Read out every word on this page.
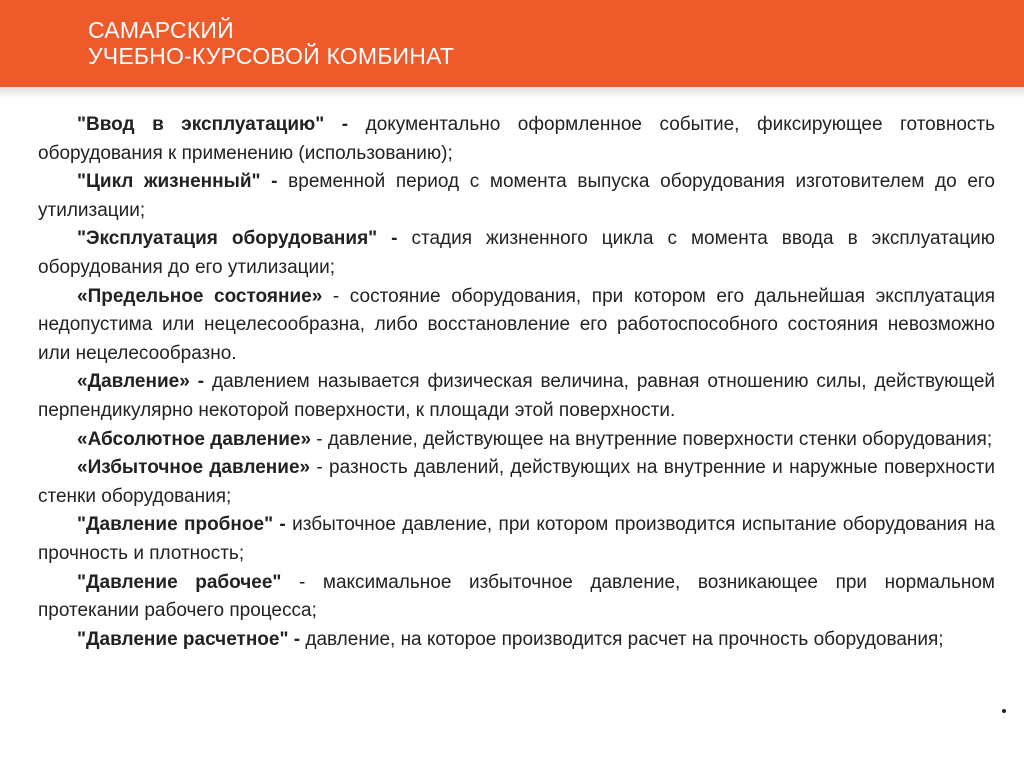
САМАРСКИЙ
УЧЕБНО-КУРСОВОЙ КОМБИНАТ

"Ввод в эксплуатацию" - документально оформленное событие, фиксирующее готовность оборудования к применению (использованию);

"Цикл жизненный" - временной период с момента выпуска оборудования изготовителем до его утилизации;

"Эксплуатация оборудования" - стадия жизненного цикла с момента ввода в эксплуатацию оборудования до его утилизации;

«Предельное состояние» - состояние оборудования, при котором его дальнейшая эксплуатация недопустима или нецелесообразна, либо восстановление его работоспособного состояния невозможно или нецелесообразно.

«Давление» - давлением называется физическая величина, равная отношению силы, действующей перпендикулярно некоторой поверхности, к площади этой поверхности.

«Абсолютное давление» - давление, действующее на внутренние поверхности стенки оборудования;

«Избыточное давление» - разность давлений, действующих на внутренние и наружные поверхности стенки оборудования;

"Давление пробное" - избыточное давление, при котором производится испытание оборудования на прочность и плотность;

"Давление рабочее" - максимальное избыточное давление, возникающее при нормальном протекании рабочего процесса;

"Давление расчетное" - давление, на которое производится расчет на прочность оборудования;
